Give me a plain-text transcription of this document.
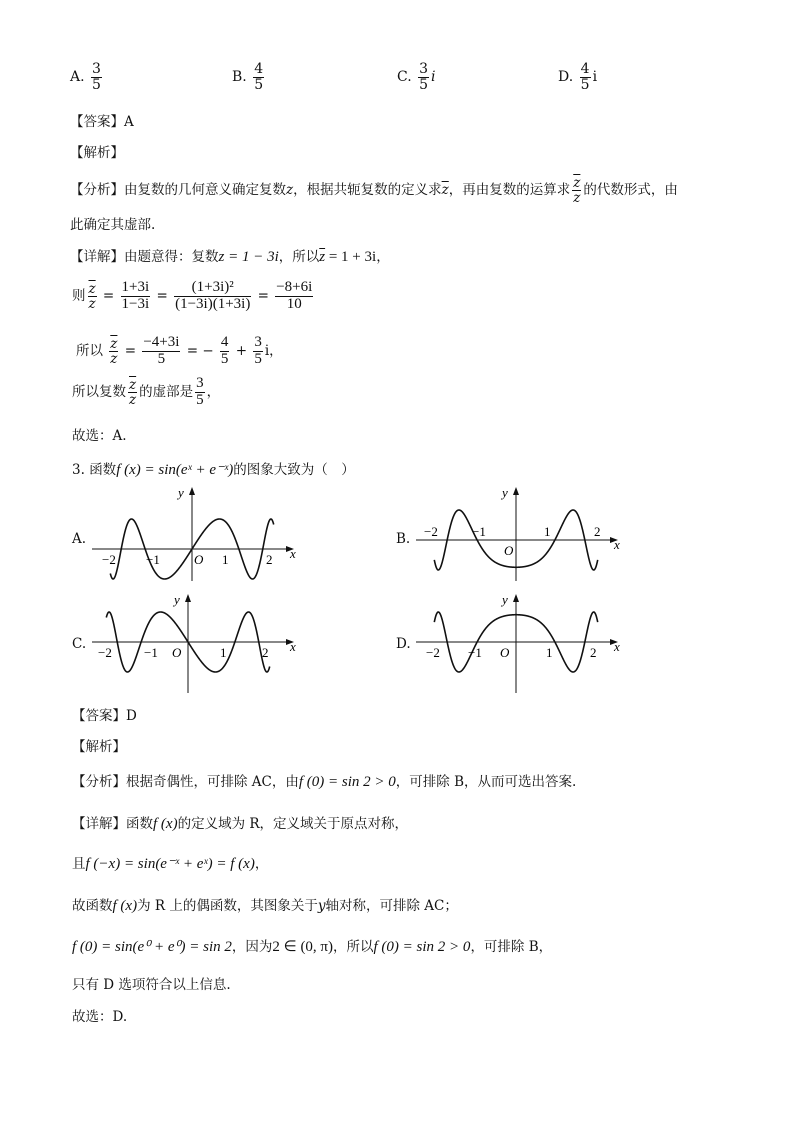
A. $\frac{3}{5}$	B. $\frac{4}{5}$	C. $\frac{3}{5}$ i	D. $\frac{4}{5}$ i
【答案】A
【解析】
【分析】由复数的几何意义确定复数z，根据共轭复数的定义求$\overline{z}$，再由复数的运算求 $\frac{\overline{z}}{z}$ 的代数形式，由
此确定其虚部.
【详解】由题意得：复数z = 1 − 3i，所以$\overline{z} = 1 + 3i$，
则 $\frac{\overline{z}}{z} = \frac{1+3i}{1-3i} = \frac{\text{(1+3i)²}}{(1-3i)(1+3i)} = \frac{-8+6i}{10}$
所以 $\frac{\overline{z}}{z} = \frac{-4+3i}{5}$ = − $\frac{4}{5} + \frac{3}{5}$ i，
所以复数 $\frac{\overline{z}}{z}$ 的虚部是 $\frac{3}{5}$ ，
故选：A.
3. 函数f (x) = sin(eˣ + e⁻ˣ)的图象大致为（　）
A.	B.
C.	D.
x
y
O
−2 −1	1	2
x
y
O
−2	−1	1	2
x
y
O
−2 −1	1	2	x
y
O
−2 −1	1	2
【答案】D
【解析】
【分析】根据奇偶性，可排除 AC，由f (0) = sin 2 > 0，可排除 B，从而可选出答案.
【详解】函数f (x)的定义域为 R，定义域关于原点对称，
且f (−x) = sin(e⁻ˣ + eˣ) = f (x)，
故函数f (x)为 R 上的偶函数，其图象关于y轴对称，可排除 AC；
f (0) = sin(e⁰ + e⁰) = sin 2，因为2 ∈ (0, π)，所以f (0) = sin 2 > 0，可排除 B，
只有 D 选项符合以上信息.
故选：D.
